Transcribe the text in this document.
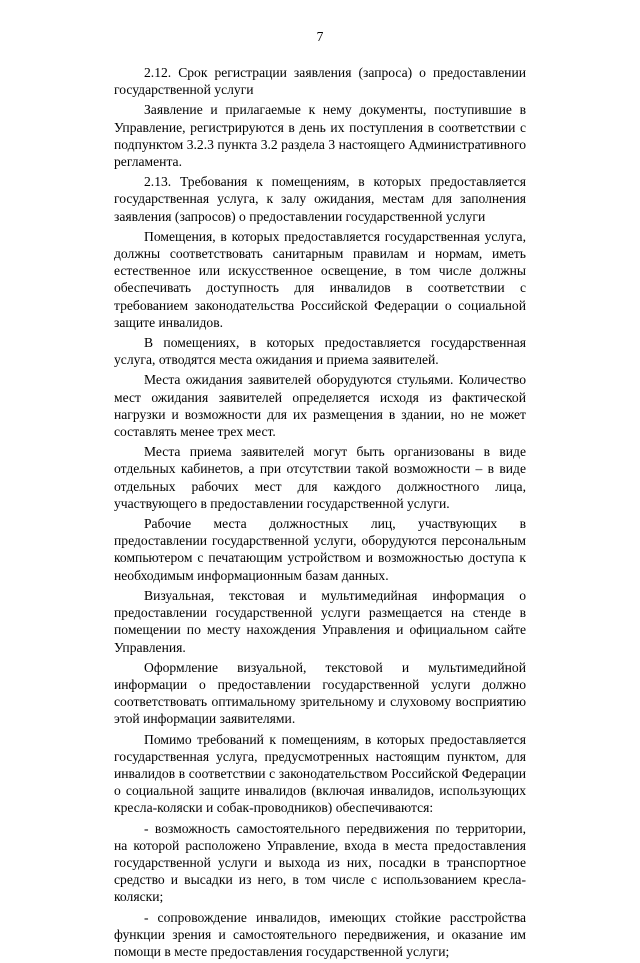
7

2.12. Срок регистрации заявления (запроса) о предоставлении государственной услуги

Заявление и прилагаемые к нему документы, поступившие в Управление, регистрируются в день их поступления в соответствии с подпунктом 3.2.3 пункта 3.2 раздела 3 настоящего Административного регламента.

2.13. Требования к помещениям, в которых предоставляется государственная услуга, к залу ожидания, местам для заполнения заявления (запросов) о предоставлении государственной услуги

Помещения, в которых предоставляется государственная услуга, должны соответствовать санитарным правилам и нормам, иметь естественное или искусственное освещение, в том числе должны обеспечивать доступность для инвалидов в соответствии с требованием законодательства Российской Федерации о социальной защите инвалидов.

В помещениях, в которых предоставляется государственная услуга, отводятся места ожидания и приема заявителей.

Места ожидания заявителей оборудуются стульями. Количество мест ожидания заявителей определяется исходя из фактической нагрузки и возможности для их размещения в здании, но не может составлять менее трех мест.

Места приема заявителей могут быть организованы в виде отдельных кабинетов, а при отсутствии такой возможности – в виде отдельных рабочих мест для каждого должностного лица, участвующего в предоставлении государственной услуги.

Рабочие места должностных лиц, участвующих в предоставлении государственной услуги, оборудуются персональным компьютером с печатающим устройством и возможностью доступа к необходимым информационным базам данных.

Визуальная, текстовая и мультимедийная информация о предоставлении государственной услуги размещается на стенде в помещении по месту нахождения Управления и официальном сайте Управления.

Оформление визуальной, текстовой и мультимедийной информации о предоставлении государственной услуги должно соответствовать оптимальному зрительному и слуховому восприятию этой информации заявителями.

Помимо требований к помещениям, в которых предоставляется государственная услуга, предусмотренных настоящим пунктом, для инвалидов в соответствии с законодательством Российской Федерации о социальной защите инвалидов (включая инвалидов, использующих кресла-коляски и собак-проводников) обеспечиваются:

- возможность самостоятельного передвижения по территории, на которой расположено Управление, входа в места предоставления государственной услуги и выхода из них, посадки в транспортное средство и высадки из него, в том числе с использованием кресла-коляски;

- сопровождение инвалидов, имеющих стойкие расстройства функции зрения и самостоятельного передвижения, и оказание им помощи в месте предоставления государственной услуги;
